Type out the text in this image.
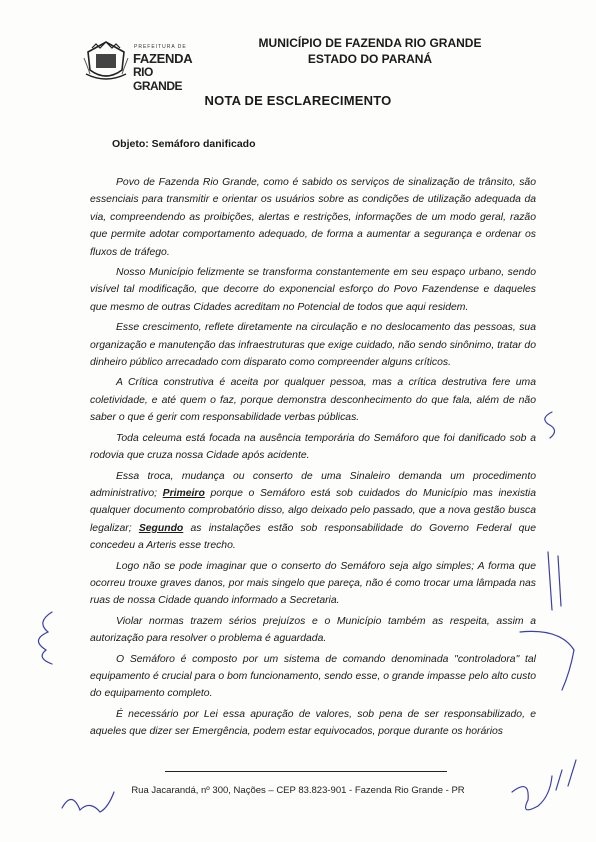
PREFEITURA DE
FAZENDA
RIO GRANDE
MUNICÍPIO DE FAZENDA RIO GRANDE
ESTADO DO PARANÁ
NOTA DE ESCLARECIMENTO
Objeto: Semáforo danificado

Povo de Fazenda Rio Grande, como é sabido os serviços de sinalização de trânsito, são essenciais para transmitir e orientar os usuários sobre as condições de utilização adequada da via, compreendendo as proibições, alertas e restrições, informações de um modo geral, razão que permite adotar comportamento adequado, de forma a aumentar a segurança e ordenar os fluxos de tráfego.

Nosso Município felizmente se transforma constantemente em seu espaço urbano, sendo visível tal modificação, que decorre do exponencial esforço do Povo Fazendense e daqueles que mesmo de outras Cidades acreditam no Potencial de todos que aqui residem.

Esse crescimento, reflete diretamente na circulação e no deslocamento das pessoas, sua organização e manutenção das infraestruturas que exige cuidado, não sendo sinônimo, tratar do dinheiro público arrecadado com disparato como compreender alguns críticos.

A Crítica construtiva é aceita por qualquer pessoa, mas a crítica destrutiva fere uma coletividade, e até quem o faz, porque demonstra desconhecimento do que fala, além de não saber o que é gerir com responsabilidade verbas públicas.

Toda celeuma está focada na ausência temporária do Semáforo que foi danificado sob a rodovia que cruza nossa Cidade após acidente.

Essa troca, mudança ou conserto de uma Sinaleiro demanda um procedimento administrativo; Primeiro porque o Semáforo está sob cuidados do Município mas inexistia qualquer documento comprobatório disso, algo deixado pelo passado, que a nova gestão busca legalizar; Segundo as instalações estão sob responsabilidade do Governo Federal que concedeu a Arteris esse trecho.

Logo não se pode imaginar que o conserto do Semáforo seja algo simples; A forma que ocorreu trouxe graves danos, por mais singelo que pareça, não é como trocar uma lâmpada nas ruas de nossa Cidade quando informado a Secretaria.

Violar normas trazem sérios prejuízos e o Município também as respeita, assim a autorização para resolver o problema é aguardada.

O Semáforo é composto por um sistema de comando denominada "controladora" tal equipamento é crucial para o bom funcionamento, sendo esse, o grande impasse pelo alto custo do equipamento completo.

É necessário por Lei essa apuração de valores, sob pena de ser responsabilizado, e aqueles que dizer ser Emergência, podem estar equivocados, porque durante os horários

Rua Jacarandá, nº 300, Nações – CEP 83.823-901 - Fazenda Rio Grande - PR
